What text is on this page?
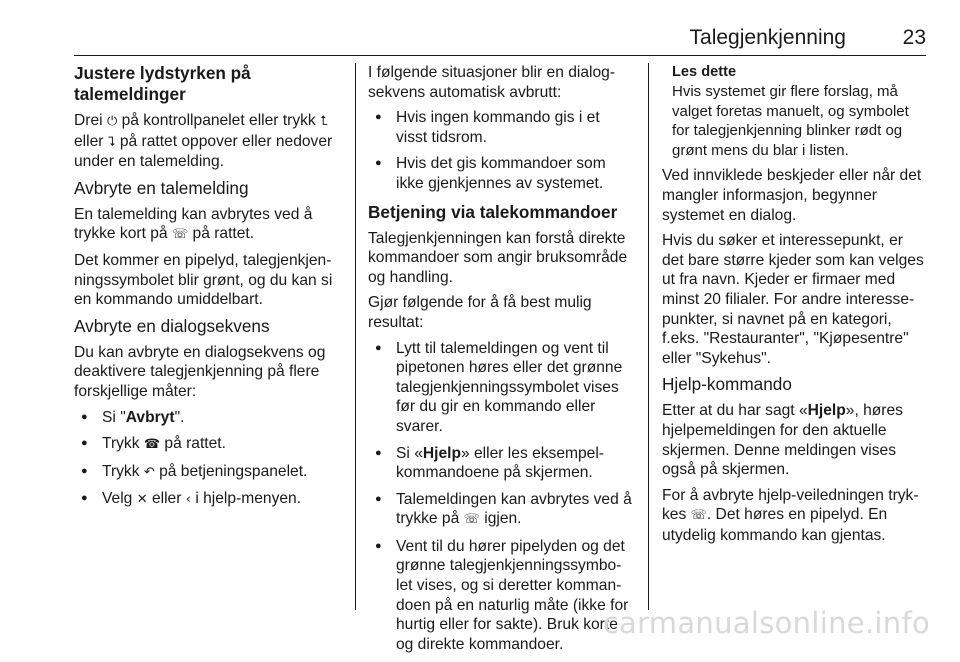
Talegjenkjenning	23
Justere lydstyrken på talemeldinger

Drei ⏻ på kontrollpanelet eller trykk ⮤ eller ⮧ på rattet oppover eller nedover under en talemelding.

Avbryte en talemelding

En talemelding kan avbrytes ved å trykke kort på ☏ på rattet.

Det kommer en pipelyd, talegjenkjen-ningssymbolet blir grønt, og du kan si en kommando umiddelbart.

Avbryte en dialogsekvens

Du kan avbryte en dialogsekvens og deaktivere talegjenkjenning på flere forskjellige måter:

● Si "Avbryt".
● Trykk ☎ på rattet.
● Trykk ↶ på betjeningspanelet.
● Velg ✕ eller ‹ i hjelp-menyen.

I følgende situasjoner blir en dialog-sekvens automatisk avbrutt:

● Hvis ingen kommando gis i et visst tidsrom.
● Hvis det gis kommandoer som ikke gjenkjennes av systemet.
Betjening via talekommandoer

Talegjenkjenningen kan forstå direkte kommandoer som angir bruksområde og handling.

Gjør følgende for å få best mulig resultat:

● Lytt til talemeldingen og vent til pipetonen høres eller det grønne talegjenkjenningssymbolet vises før du gir en kommando eller svarer.
● Si «Hjelp» eller les eksempel-kommandoene på skjermen.
● Talemeldingen kan avbrytes ved å trykke på ☏ igjen.
● Vent til du hører pipelyden og det grønne talegjenkjenningssymbo-let vises, og si deretter komman-doen på en naturlig måte (ikke for hurtig eller for sakte). Bruk korte og direkte kommandoer.
Les dette
Hvis systemet gir flere forslag, må valget foretas manuelt, og symbolet for talegjenkjenning blinker rødt og grønt mens du blar i listen.

Ved innviklede beskjeder eller når det mangler informasjon, begynner systemet en dialog.

Hvis du søker et interessepunkt, er det bare større kjeder som kan velges ut fra navn. Kjeder er firmaer med minst 20 filialer. For andre interesse-punkter, si navnet på en kategori, f.eks. "Restauranter", "Kjøpesentre" eller "Sykehus".

Hjelp-kommando

Etter at du har sagt «Hjelp», høres hjelpemeldingen for den aktuelle skjermen. Denne meldingen vises også på skjermen.

For å avbryte hjelp-veiledningen tryk-kes ☏. Det høres en pipelyd. En utydelig kommando kan gjentas.

carmanualsonline.info
